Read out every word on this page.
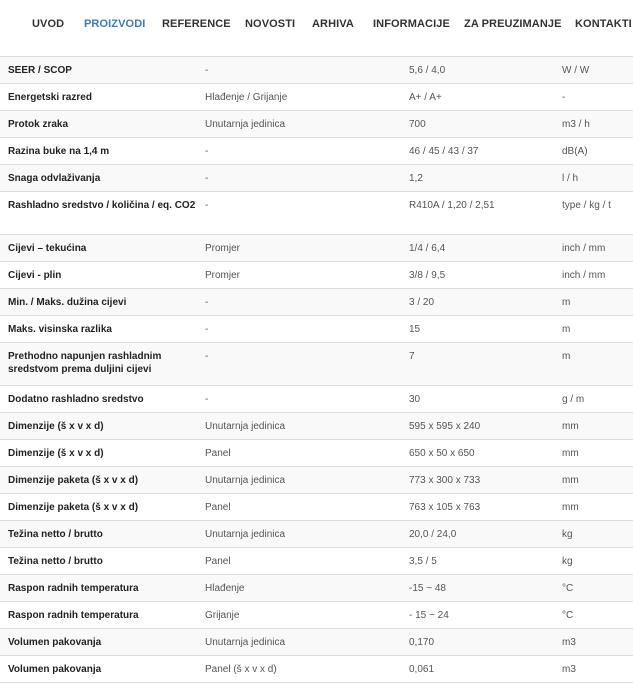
UVOD PROIZVODI REFERENCE NOVOSTI ARHIVA INFORMACIJE ZA PREUZIMANJE KONTAKTI
SEER / SCOP	-	5,6 / 4,0	W / W
Energetski razred	Hlađenje / Grijanje	A+ / A+	-
Protok zraka	Unutarnja jedinica	700	m3 / h
Razina buke na 1,4 m	-	46 / 45 / 43 / 37	dB(A)
Snaga odvlaživanja	-	1,2	l / h
Rashladno sredstvo / količina / eq. CO2	-	R410A / 1,20 / 2,51	type / kg / t
Cijevi – tekućina	Promjer	1/4 / 6,4	inch / mm
Cijevi - plin	Promjer	3/8 / 9,5	inch / mm
Min. / Maks. dužina cijevi	-	3 / 20	m
Maks. visinska razlika	-	15	m
Prethodno napunjen rashladnim sredstvom prema duljini cijevi	-	7	m
Dodatno rashladno sredstvo	-	30	g / m
Dimenzije (š x v x d)	Unutarnja jedinica	595 x 595 x 240	mm
Dimenzije (š x v x d)	Panel	650 x 50 x 650	mm
Dimenzije paketa (š x v x d)	Unutarnja jedinica	773 x 300 x 733	mm
Dimenzije paketa (š x v x d)	Panel	763 x 105 x 763	mm
Težina netto / brutto	Unutarnja jedinica	20,0 / 24,0	kg
Težina netto / brutto	Panel	3,5 / 5	kg
Raspon radnih temperatura	Hlađenje	-15 ~ 48	°C
Raspon radnih temperatura	Grijanje	- 15 ~ 24	°C
Volumen pakovanja	Unutarnja jedinica	0,170	m3
Volumen pakovanja	Panel (š x v x d)	0,061	m3
